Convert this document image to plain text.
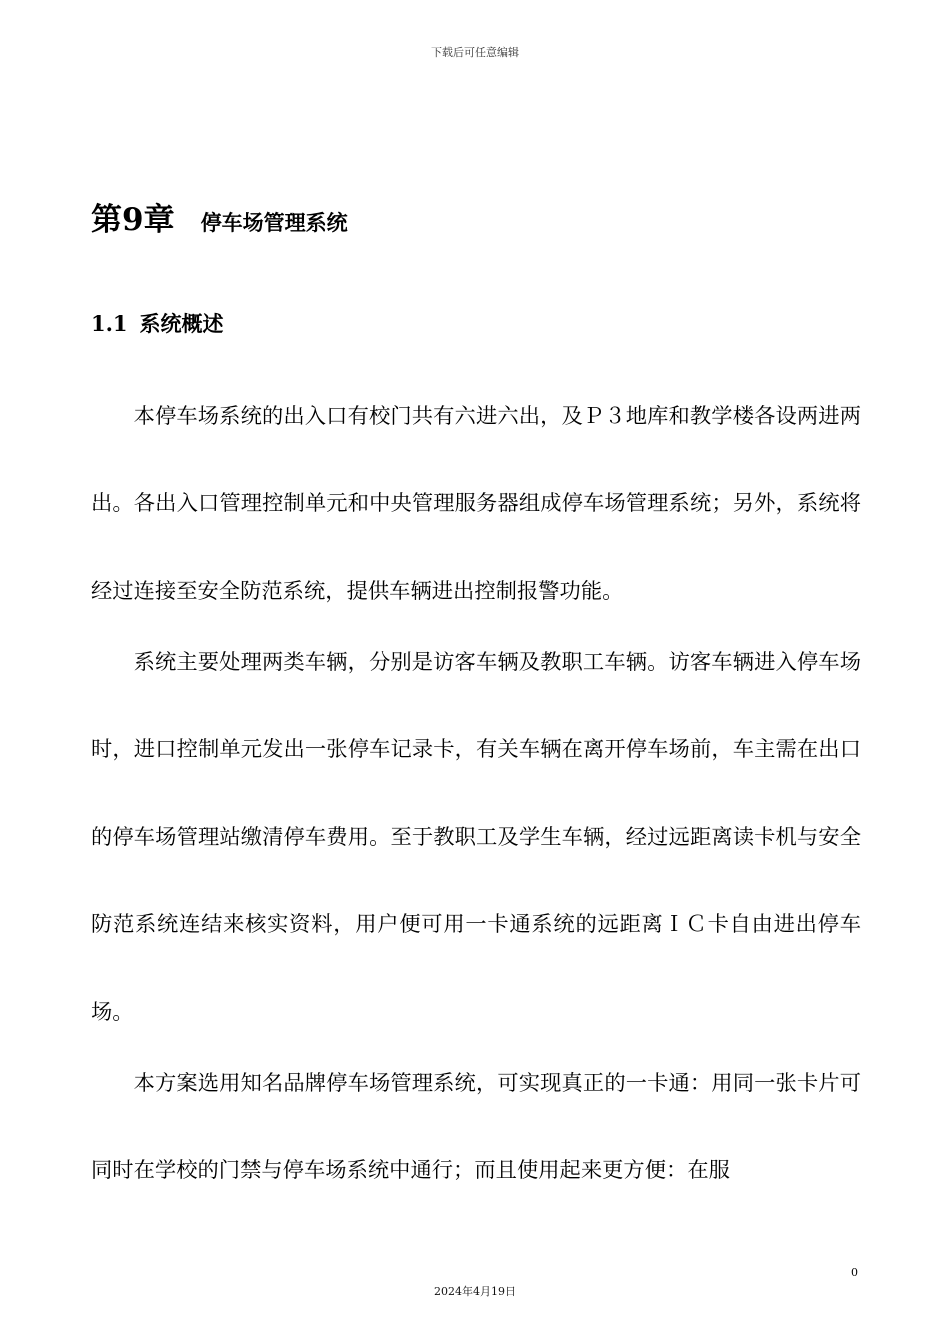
下载后可任意编辑
第9章 停车场管理系统
1.1 系统概述

本停车场系统的出入口有校门共有六进六出，及Ｐ３地库和教学楼各设两进两出。各出入口管理控制单元和中央管理服务器组成停车场管理系统；另外，系统将经过连接至安全防范系统，提供车辆进出控制报警功能。

系统主要处理两类车辆，分别是访客车辆及教职工车辆。访客车辆进入停车场时，进口控制单元发出一张停车记录卡，有关车辆在离开停车场前，车主需在出口的停车场管理站缴清停车费用。至于教职工及学生车辆，经过远距离读卡机与安全防范系统连结来核实资料，用户便可用一卡通系统的远距离ＩＣ卡自由进出停车场。

本方案选用知名品牌停车场管理系统，可实现真正的一卡通：用同一张卡片可同时在学校的门禁与停车场系统中通行；而且使用起来更方便：在服

0
2024年4月19日
